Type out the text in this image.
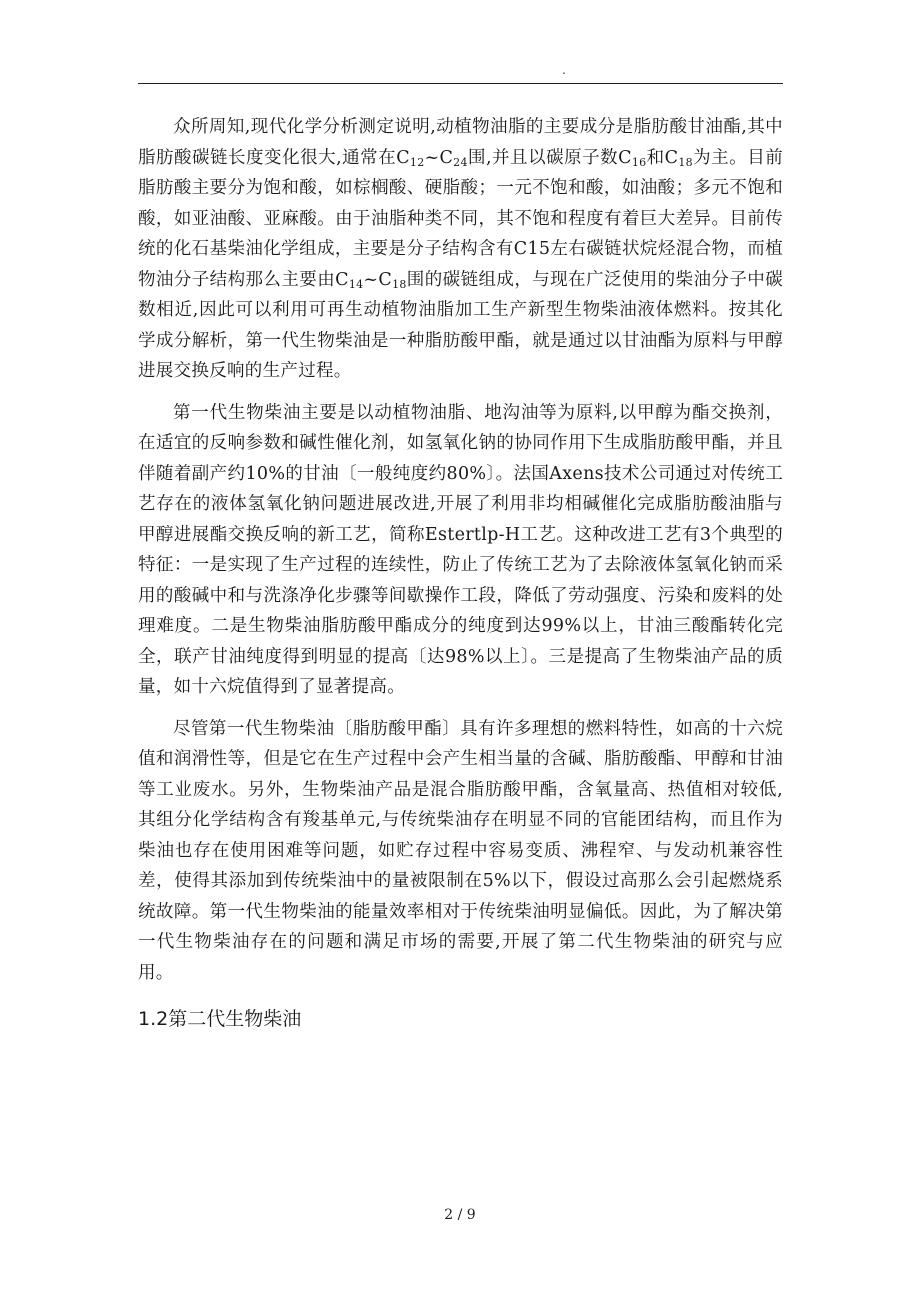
.

众所周知,现代化学分析测定说明,动植物油脂的主要成分是脂肪酸甘油酯,其中脂肪酸碳链长度变化很大,通常在$C_{12}\sim C_{24}$围,并且以碳原子数$C_{16}$和$C_{18}$为主。目前脂肪酸主要分为饱和酸，如棕榈酸、硬脂酸；一元不饱和酸，如油酸；多元不饱和酸，如亚油酸、亚麻酸。由于油脂种类不同，其不饱和程度有着巨大差异。目前传统的化石基柴油化学组成，主要是分子结构含有C15左右碳链状烷烃混合物，而植物油分子结构那么主要由$C_{14}\sim C_{18}$围的碳链组成，与现在广泛使用的柴油分子中碳数相近,因此可以利用可再生动植物油脂加工生产新型生物柴油液体燃料。按其化学成分解析，第一代生物柴油是一种脂肪酸甲酯，就是通过以甘油酯为原料与甲醇进展交换反响的生产过程。

第一代生物柴油主要是以动植物油脂、地沟油等为原料,以甲醇为酯交换剂，在适宜的反响参数和碱性催化剂，如氢氧化钠的协同作用下生成脂肪酸甲酯，并且伴随着副产约10%的甘油〔一般纯度约80%〕。法国Axens技术公司通过对传统工艺存在的液体氢氧化钠问题进展改进,开展了利用非均相碱催化完成脂肪酸油脂与甲醇进展酯交换反响的新工艺，简称Estertlp-H工艺。这种改进工艺有3个典型的特征：一是实现了生产过程的连续性，防止了传统工艺为了去除液体氢氧化钠而采用的酸碱中和与洗涤净化步骤等间歇操作工段，降低了劳动强度、污染和废料的处理难度。二是生物柴油脂肪酸甲酯成分的纯度到达99%以上，甘油三酸酯转化完全，联产甘油纯度得到明显的提高〔达98%以上〕。三是提高了生物柴油产品的质量，如十六烷值得到了显著提高。

尽管第一代生物柴油〔脂肪酸甲酯〕具有许多理想的燃料特性，如高的十六烷值和润滑性等，但是它在生产过程中会产生相当量的含碱、脂肪酸酯、甲醇和甘油等工业废水。另外，生物柴油产品是混合脂肪酸甲酯，含氧量高、热值相对较低,其组分化学结构含有羧基单元,与传统柴油存在明显不同的官能团结构，而且作为柴油也存在使用困难等问题，如贮存过程中容易变质、沸程窄、与发动机兼容性差，使得其添加到传统柴油中的量被限制在5%以下，假设过高那么会引起燃烧系统故障。第一代生物柴油的能量效率相对于传统柴油明显偏低。因此，为了解决第一代生物柴油存在的问题和满足市场的需要,开展了第二代生物柴油的研究与应用。

1.2第二代生物柴油
2 / 9
